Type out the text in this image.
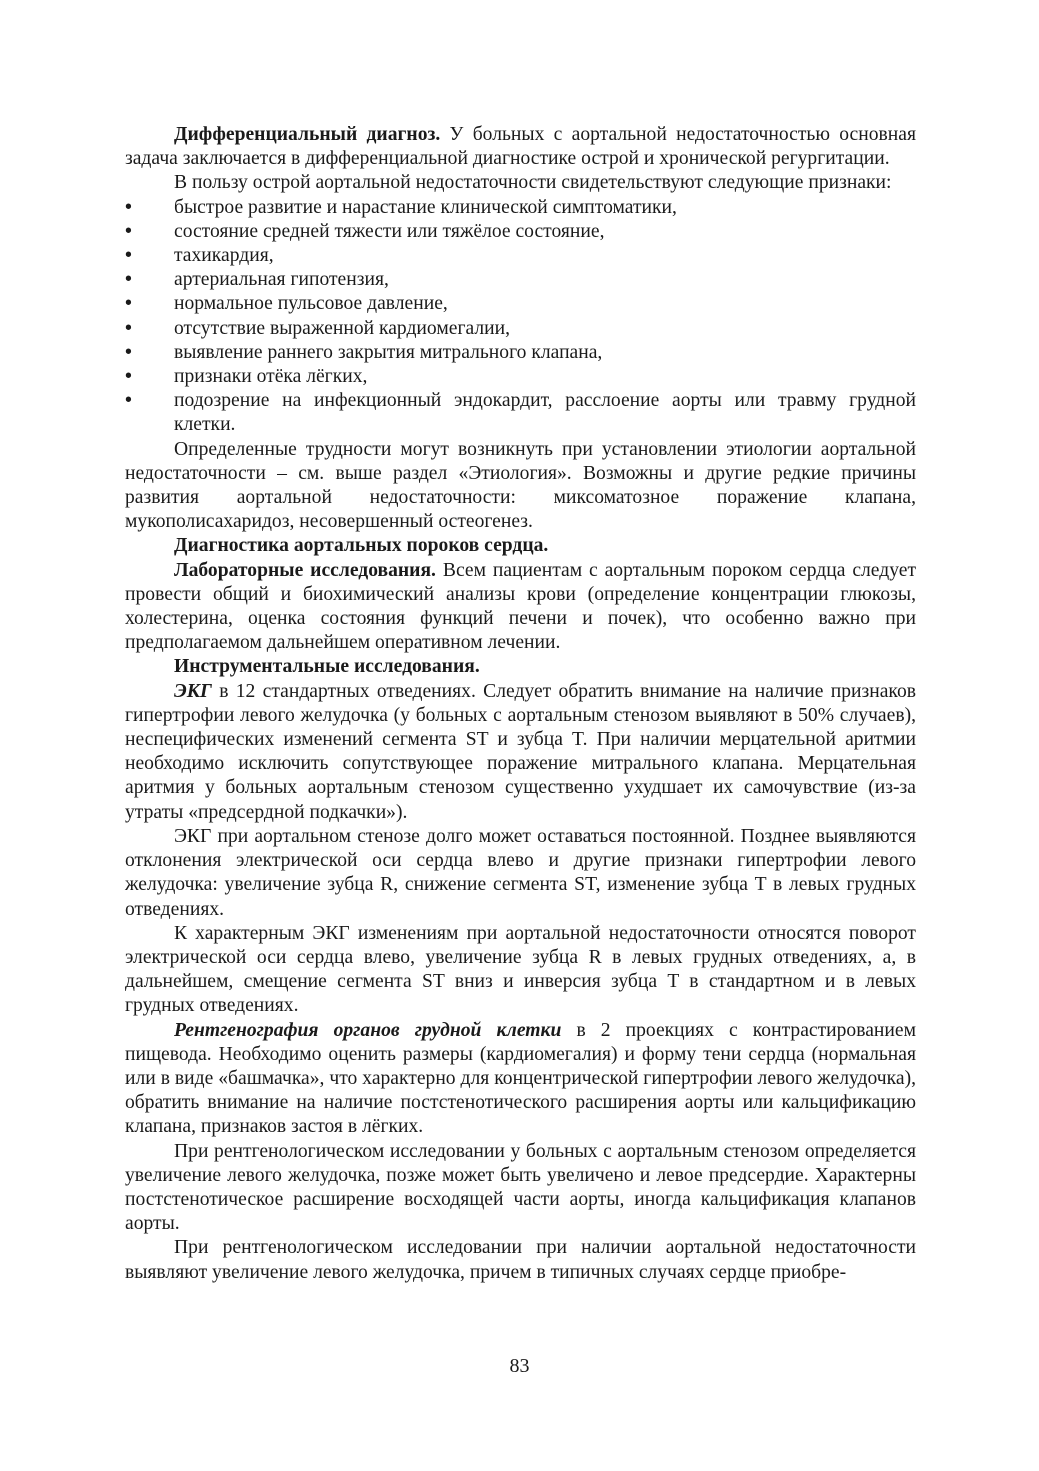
Дифференциальный диагноз. У больных с аортальной недостаточностью основная задача заключается в дифференциальной диагностике острой и хронической регургитации.

В пользу острой аортальной недостаточности свидетельствуют следующие признаки:

• быстрое развитие и нарастание клинической симптоматики,
• состояние средней тяжести или тяжёлое состояние,
• тахикардия,
• артериальная гипотензия,
• нормальное пульсовое давление,
• отсутствие выраженной кардиомегалии,
• выявление раннего закрытия митрального клапана,
• признаки отёка лёгких,
• подозрение на инфекционный эндокардит, расслоение аорты или травму грудной клетки.

Определенные трудности могут возникнуть при установлении этиологии аортальной недостаточности – см. выше раздел «Этиология». Возможны и другие редкие причины развития аортальной недостаточности: миксоматозное поражение клапана, мукополисахаридоз, несовершенный остеогенез.

Диагностика аортальных пороков сердца.

Лабораторные исследования. Всем пациентам с аортальным пороком сердца следует провести общий и биохимический анализы крови (определение концентрации глюкозы, холестерина, оценка состояния функций печени и почек), что особенно важно при предполагаемом дальнейшем оперативном лечении.

Инструментальные исследования.

ЭКГ в 12 стандартных отведениях. Следует обратить внимание на наличие признаков гипертрофии левого желудочка (у больных с аортальным стенозом выявляют в 50% случаев), неспецифических изменений сегмента ST и зубца T. При наличии мерцательной аритмии необходимо исключить сопутствующее поражение митрального клапана. Мерцательная аритмия у больных аортальным стенозом существенно ухудшает их самочувствие (из-за утраты «предсердной подкачки»).

ЭКГ при аортальном стенозе долго может оставаться постоянной. Позднее выявляются отклонения электрической оси сердца влево и другие признаки гипертрофии левого желудочка: увеличение зубца R, снижение сегмента ST, изменение зубца T в левых грудных отведениях.

К характерным ЭКГ изменениям при аортальной недостаточности относятся поворот электрической оси сердца влево, увеличение зубца R в левых грудных отведениях, а, в дальнейшем, смещение сегмента ST вниз и инверсия зубца T в стандартном и в левых грудных отведениях.

Рентгенография органов грудной клетки в 2 проекциях с контрастированием пищевода. Необходимо оценить размеры (кардиомегалия) и форму тени сердца (нормальная или в виде «башмачка», что характерно для концентрической гипертрофии левого желудочка), обратить внимание на наличие постстенотического расширения аорты или кальцификацию клапана, признаков застоя в лёгких.

При рентгенологическом исследовании у больных с аортальным стенозом определяется увеличение левого желудочка, позже может быть увеличено и левое предсердие. Характерны постстенотическое расширение восходящей части аорты, иногда кальцификация клапанов аорты.

При рентгенологическом исследовании при наличии аортальной недостаточности выявляют увеличение левого желудочка, причем в типичных случаях сердце приобре-

83
